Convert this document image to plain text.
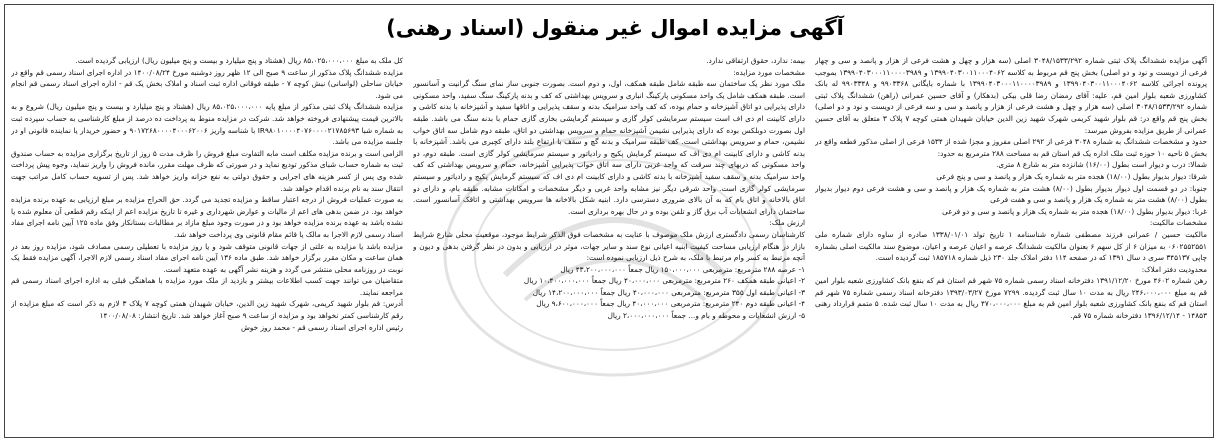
آگهی مزایده اموال غیر منقول (اسناد رهنی)

آگهی مزایده ششدانگ پلاک ثبتی شماره ۳۰۴۸/۱۵۳۳/۲۹۲ اصلی (سه هزار و چهل و هشت فرعی از هزار و پانصد و سی و چهار فرعی از دویست و نود و دو اصلی) بخش پنج قم مربوط به کلاسه ۱۳۹۹۰۴۰۳۰۰۱۱۰۰۰۴۰۶۲ و ۱۳۹۹۰۴۰۳۰۰۰۱۱۰۰۰۰۳۹۸۹ بموجب پرونده اجرائی کلاسه ۱۳۹۹۰۴۰۳۰۰۱۱۰۰۰۴۰۶۲ و ۱۳۹۹۰۴۰۳۰۰۰۱۱۰۰۰۰۳۹۸۹ با شماره بایگانی ۹۹۰۳۳۶۸ و ۹۹۰۳۳۴۸ له بانک کشاورزی شعبه بلوار امین قم، علیه: آقای رمضان رضا قلی بیکی (بدهکار) و آقای حسین عمرانی (راهن) ششدانگ پلاک ثبتی شماره ۳۰۴۸/۱۵۳۳/۲۹۲ اصلی (سه هزار و چهل و هشت فرعی از هزار و پانصد و سی و سه فرعی از دویست و نود و دو اصلی) بخش پنج قم واقع در: قم بلوار شهید کریمی شهرک شهید زین الدین خیابان شهیدان همتی کوچه ۷ پلاک ۳ متعلق به آقای حسین عمرانی از طریق مزایده بفروش میرسد:

حدود و مشخصات ششدانگ به شماره ۳۰۴۸ فرعی از ۲۹۲ اصلی مفروز و مجزا شده از ۱۵۳۴ فرعی از اصلی مذکور قطعه واقع در بخش ۵ ناحیه ۱۰ حوزه ثبت ملک اداره یک قم استان قم به مساحت ۲۸۸ مترمربع به حدود:

شمالا: درب و دیوار است بطول (۱۶/۰۰) شانزده متر به شارع ۸ متری.

شرقا: دیوار بدیوار بطول (۱۸/۰۰) هجده متر به شماره یک هزار و پانصد و سی و پنج فرعی

جنوبا: در دو قسمت اول دیوار بدیوار بطول (۸/۰۰) هشت متر به شماره یک هزار و پانصد و سی و هشت فرعی دوم دیوار بدیوار بطول (۸/۰۰) هشت متر به شماره یک هزار و پانصد و سی و هفت فرعی

غربا: دیوار بدیوار بطول (۱۸/۰۰) هجده متر به شماره یک هزار و پانصد و سی و دو فرعی

مشخصات مالکیت:

مالکیت حسین / عمرانی فرزند مصطفی شماره شناسنامه ۱ تاریخ تولد ۱۳۳۸/۰۱/۰۱ صادره از ساوه دارای شماره ملی ۰۶۰۲۵۵۲۵۵۱ به میزان ۶ از کل سهم ۶ بعنوان مالکیت ششدانگ عرصه و اعیان عرصه و اعیان، موضوع سند مالکیت اصلی بشماره چاپی ۳۴۵۱۳۷ سری د سال ۱۳۹۱ که در صفحه ۱۱۴ دفتر املاک جلد ۲۳۰ ذیل شماره ۱۸۵۷۱۸ ثبت گردیده است.

محدودیت دفتر املاک:

رهن شماره ۴۶۰۲ مورخ ۱۳۹۱/۱۲/۲۰ دفترخانه اسناد رسمی شماره ۷۵ شهر قم استان قم که بنفع بانک کشاورزی شعبه بلوار امین قم به مبلغ ۲۴۶،۰۰۰،۰۰۰ ریال به مدت ۱۰ سال ثبت گردیده. ۷۲۹۹ مورخ ۱۳۹۳/۰۳/۲۷ دفترخانه اسناد رسمی شماره ۷۵ شهر قم استان قم که بنفع بانک کشاورزی شعبه بلوار امین قم به مبلغ ۴۷۰،۰۰۰،۰۰۰ ریال به مدت ۱۰ سال ثبت شده. ۵ متمم قرارداد رهنی ۱۴۸۵۳ - ۱۳۹۶/۱۲/۱۴ دفترخانه شماره ۷۵ قم.

بیمه: ندارد، حقوق ارتفاقی ندارد.

مشخصات مورد مزایده:

ملک مورد نظر یک ساختمان سه طبقه شامل طبقه همکف، اول، و دوم است. بصورت جنوبی ساز نمای سنگ گرانیت و آسانسور است. طبقه همکف شامل یک واحد مسکونی پارکینگ انباری و سرویس بهداشتی که کف و بدنه پارکینگ سنگ سفید، واحد مسکونی دارای پذیرایی دو اتاق آشپزخانه و حمام بوده، که کف واحد سرامیک بدنه و سقف پذیرایی و اتاقها سفید و آشپزخانه با بدنه کاشی و دارای کابینت ام دی اف است سیستم سرمایشی کولر گازی و سیستم گرمایشی بخاری گازی حمام با بدنه سنگ می باشد. طبقه اول بصورت دوبلکس بوده که دارای پذیرایی نشیمن آشپزخانه حمام و سرویس بهداشتی دو اتاق، طبقه دوم شامل سه اتاق خواب نشیمن، حمام و سرویس بهداشتی است. کف طبقه سرامیک و بدنه گچ و سقف با ارتفاع بلند دارای کچبری می باشد. آشپزخانه با بدنه کاشی و دارای کابینت ام دی اف که سیستم گرمایش پکیج و رادیاتور و سیستم سرمایشی کولر گازی است. طبقه دوم، دو واحد مسکونی که دربهای چند سرقت که واحد غربی دارای سه اتاق خواب پذیرایی آشپزخانه، حمام و سرویس بهداشتی که کف واحد سرامیک بدنه و سقف سفید آشپزخانه با بدنه کاشی و دارای کابینت ام دی اف که سیستم گرمایش پکیج و رادیاتور و سیستم سرمایشی کولر گازی است. واحد شرقی دیگر نیز مشابه واحد غربی و دیگر مشخصات و امکانات مشابه. طبقه بام، و دارای دو اتاق بالاخانه و اتاق بام که به آن بالای ضروری دسترسی دارد. ابنیه شکل بالاخانه ها سرویس بهداشتی و اتاقک آسانسور است. ساختمان دارای انشعابات آب برق گاز و تلفن بوده و در حال بهره برداری است.

ارزش ملک:

کارشناسان رسمی دادگستری ارزش ملک موصوف با عنایت به مشخصات فوق الذکر شرایط موجود، موقعیت محلی شارع شرایط بازار در هنگام ارزیابی مساحت کیفیت ابنیه اعیانی نوع سند و سایر جهات، موثر در ارزیابی و بدون در نظر گرفتن بدهی و دیون و آنچه مرتبط به کسر وام مرتبط با ملک، به شرح ذیل ارزیابی نموده است:

۱- عرصه ۲۸۸ مترمربع: مترمربعی ۱۵۰،۰۰۰،۰۰۰ ریال جمعاً ۴۳،۲۰۰،۰۰۰،۰۰۰ ریال

۲- اعیانی طبقه همکف ۲۶۰ مترمربع: مترمربعی ۴۰،۰۰۰،۰۰۰ ریال جمعاً ۱۰،۴۰۰،۰۰۰،۰۰۰ ریال

۳- اعیانی طبقه اول ۳۵۵ مترمربع: مترمربعی ۴۰،۰۰۰،۰۰۰ ریال جمعاً ۱۴،۲۰۰،۰۰۰،۰۰۰ ریال

۴- اعیانی طبقه دوم ۲۴۰ مترمربع: مترمربعی ۴۰،۰۰۰،۰۰۰ ریال جمعاً ۹،۶۰۰،۰۰۰،۰۰۰ ریال

۵- ارزش انشعابات و محوطه و بام و... جمعاً ۲،۰۰۰،۰۰۰،۰۰۰ ریال

کل ملک به مبلغ ۸۵،۰۲۵،۰۰۰،۰۰۰ ریال (هشتاد و پنج میلیارد و بیست و پنج میلیون ریال) ارزیابی گردیده است.

مزایده ششدانگ پلاک مذکور از ساعت ۹ صبح الی ۱۲ ظهر روز دوشنبه مورخ ۱۴۰۰/۰۸/۲۴ در اداره اجرای اسناد رسمی قم واقع در خیابان ساحلی (لواسانی) نبش کوچه ۷ - طبقه فوقانی اداره ثبت اسناد و املاک بخش یک قم - اداره اجرای اسناد رسمی قم انجام می شود.

مزایده ششدانگ پلاک ثبتی مذکور از مبلغ پایه ۸۵،۰۲۵،۰۰۰،۰۰۰ ریال (هشتاد و پنج میلیارد و بیست و پنج میلیون ریال) شروع و به بالاترین قیمت پیشنهادی فروخته خواهد شد. شرکت در مزایده منوط به پرداخت ده درصد از مبلغ کارشناسی به حساب سپرده ثبت به شماره شبا IR۹۸۰۱۰۰۰۰۴۰۷۶۰۰۰۰۲۱۷۸۵۶۹۳ با شناسه واریز ۹۰۱۷۲۶۸۰۰۰۰۴۰۰۰۶۲۰۰۶ و حضور خریدار یا نماینده قانونی او در جلسه مزایده می باشد.

الزامی است و برنده مزایده مکلف است مابه التفاوت مبلغ فروش را ظرف مدت ۵ روز از تاریخ برگزاری مزایده به حساب صندوق ثبت به شماره حساب شبای مذکور تودیع نماید و در صورتی که ظرف مهلت مقرر، مانده فروش را واریز ننماید، وجوه پیش پرداخت شده وی پس از کسر هزینه های اجرایی و حقوق دولتی به نفع خزانه واریز خواهد شد. پس از تسویه حساب کامل مراتب جهت انتقال سند به نام برنده اقدام خواهد شد.

به صورت عملیات فروش از درجه اعتبار ساقط و مزایده تجدید می گردد. حق الحراج مزایده بر مبلغ ارزیابی به عهده برنده مزایده خواهد بود. در ضمن بدهی های اعم از مالیات و عوارض شهرداری و غیره تا تاریخ مزایده اعم از اینکه رقم قطعی آن معلوم شده یا نشده باشد به عهده برنده مزایده خواهد بود و در صورت وجود مبلغ مازاد بر مطالبات بستانکار وفق ماده ۱۲۵ آیین نامه اجرای مفاد اسناد رسمی لازم الاجرا به مالک یا قائم مقام قانونی وی پرداخت خواهد شد.

مزایده باشد یا مزایده به علتی از جهات قانونی متوقف شود و یا روز مزایده با تعطیلی رسمی مصادف شود، مزایده روز بعد در همان ساعت و مکان مقرر برگزار خواهد شد. طبق ماده ۱۳۶ آیین نامه اجرای مفاد اسناد رسمی لازم الاجرا، آگهی مزایده فقط یک نوبت در روزنامه محلی منتشر می گردد و هزینه نشر آگهی به عهده متعهد است.

متقاضیان می توانند جهت کسب اطلاعات بیشتر و بازدید از ملک مورد مزایده با هماهنگی قبلی به اداره اجرای اسناد رسمی قم مراجعه نمایند.

آدرس: قم بلوار شهید کریمی، شهرک شهید زین الدین، خیابان شهیدان همتی کوچه ۷ پلاک ۳ لازم به ذکر است که مبلغ مزایده از رقم کارشناسی کمتر نخواهد بود و مزایده از ساعت ۹ صبح آغاز خواهد شد. تاریخ انتشار: ۱۴۰۰/۰۸/۰۸

رئیس اداره اجرای اسناد رسمی قم - محمد روز خوش
